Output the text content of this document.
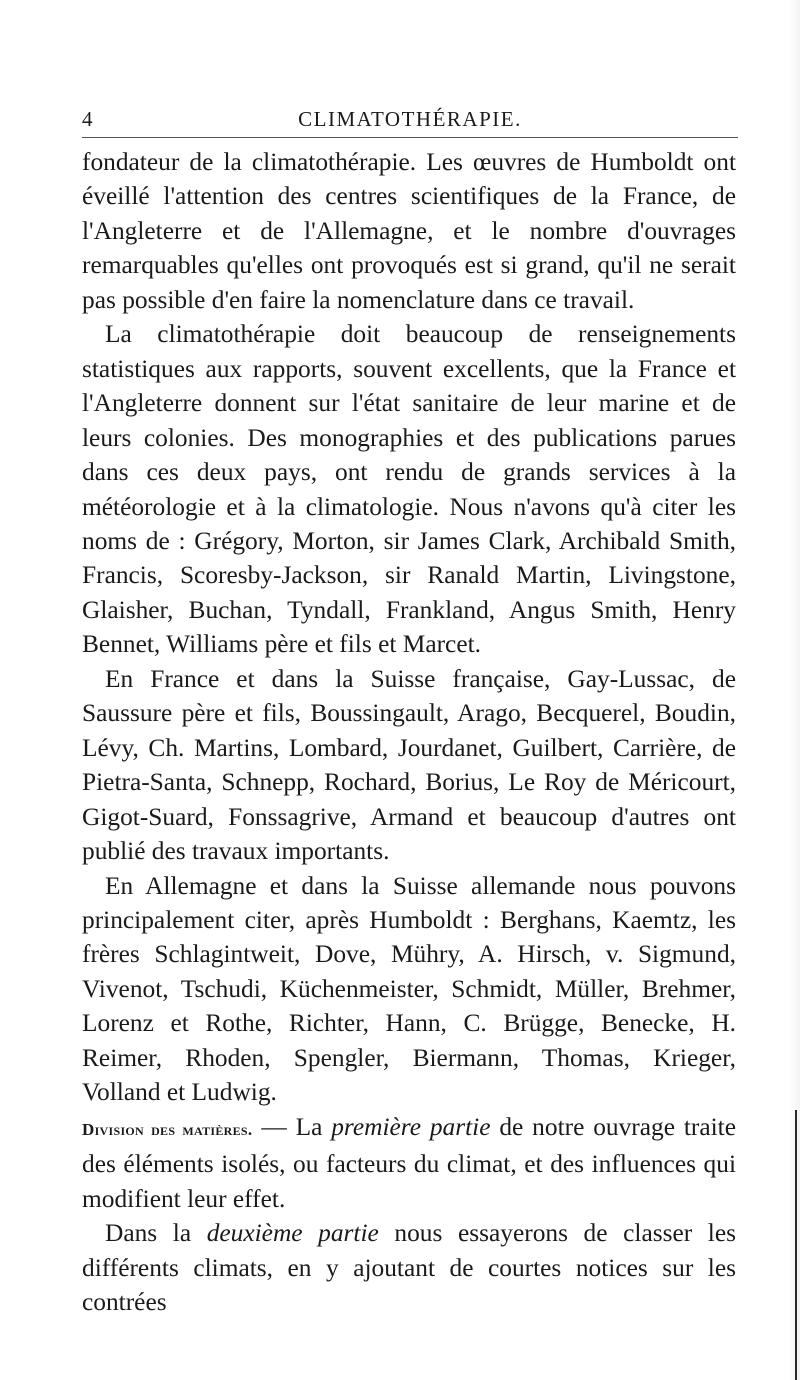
4	CLIMATOTHÉRAPIE.

fondateur de la climatothérapie. Les œuvres de Humboldt ont éveillé l'attention des centres scientifiques de la France, de l'Angleterre et de l'Allemagne, et le nombre d'ouvrages remarquables qu'elles ont provoqués est si grand, qu'il ne serait pas possible d'en faire la nomenclature dans ce travail.

La climatothérapie doit beaucoup de renseignements statistiques aux rapports, souvent excellents, que la France et l'Angleterre donnent sur l'état sanitaire de leur marine et de leurs colonies. Des monographies et des publications parues dans ces deux pays, ont rendu de grands services à la météorologie et à la climatologie. Nous n'avons qu'à citer les noms de : Grégory, Morton, sir James Clark, Archibald Smith, Francis, Scoresby-Jackson, sir Ranald Martin, Livingstone, Glaisher, Buchan, Tyndall, Frankland, Angus Smith, Henry Bennet, Williams père et fils et Marcet.

En France et dans la Suisse française, Gay-Lussac, de Saussure père et fils, Boussingault, Arago, Becquerel, Boudin, Lévy, Ch. Martins, Lombard, Jourdanet, Guilbert, Carrière, de Pietra-Santa, Schnepp, Rochard, Borius, Le Roy de Méricourt, Gigot-Suard, Fonssagrive, Armand et beaucoup d'autres ont publié des travaux importants.

En Allemagne et dans la Suisse allemande nous pouvons principalement citer, après Humboldt : Berghans, Kaemtz, les frères Schlagintweit, Dove, Mühry, A. Hirsch, v. Sigmund, Vivenot, Tschudi, Küchenmeister, Schmidt, Müller, Brehmer, Lorenz et Rothe, Richter, Hann, C. Brügge, Benecke, H. Reimer, Rhoden, Spengler, Biermann, Thomas, Krieger, Volland et Ludwig.

Division des matières. — La première partie de notre ouvrage traite des éléments isolés, ou facteurs du climat, et des influences qui modifient leur effet.

Dans la deuxième partie nous essayerons de classer les différents climats, en y ajoutant de courtes notices sur les contrées
